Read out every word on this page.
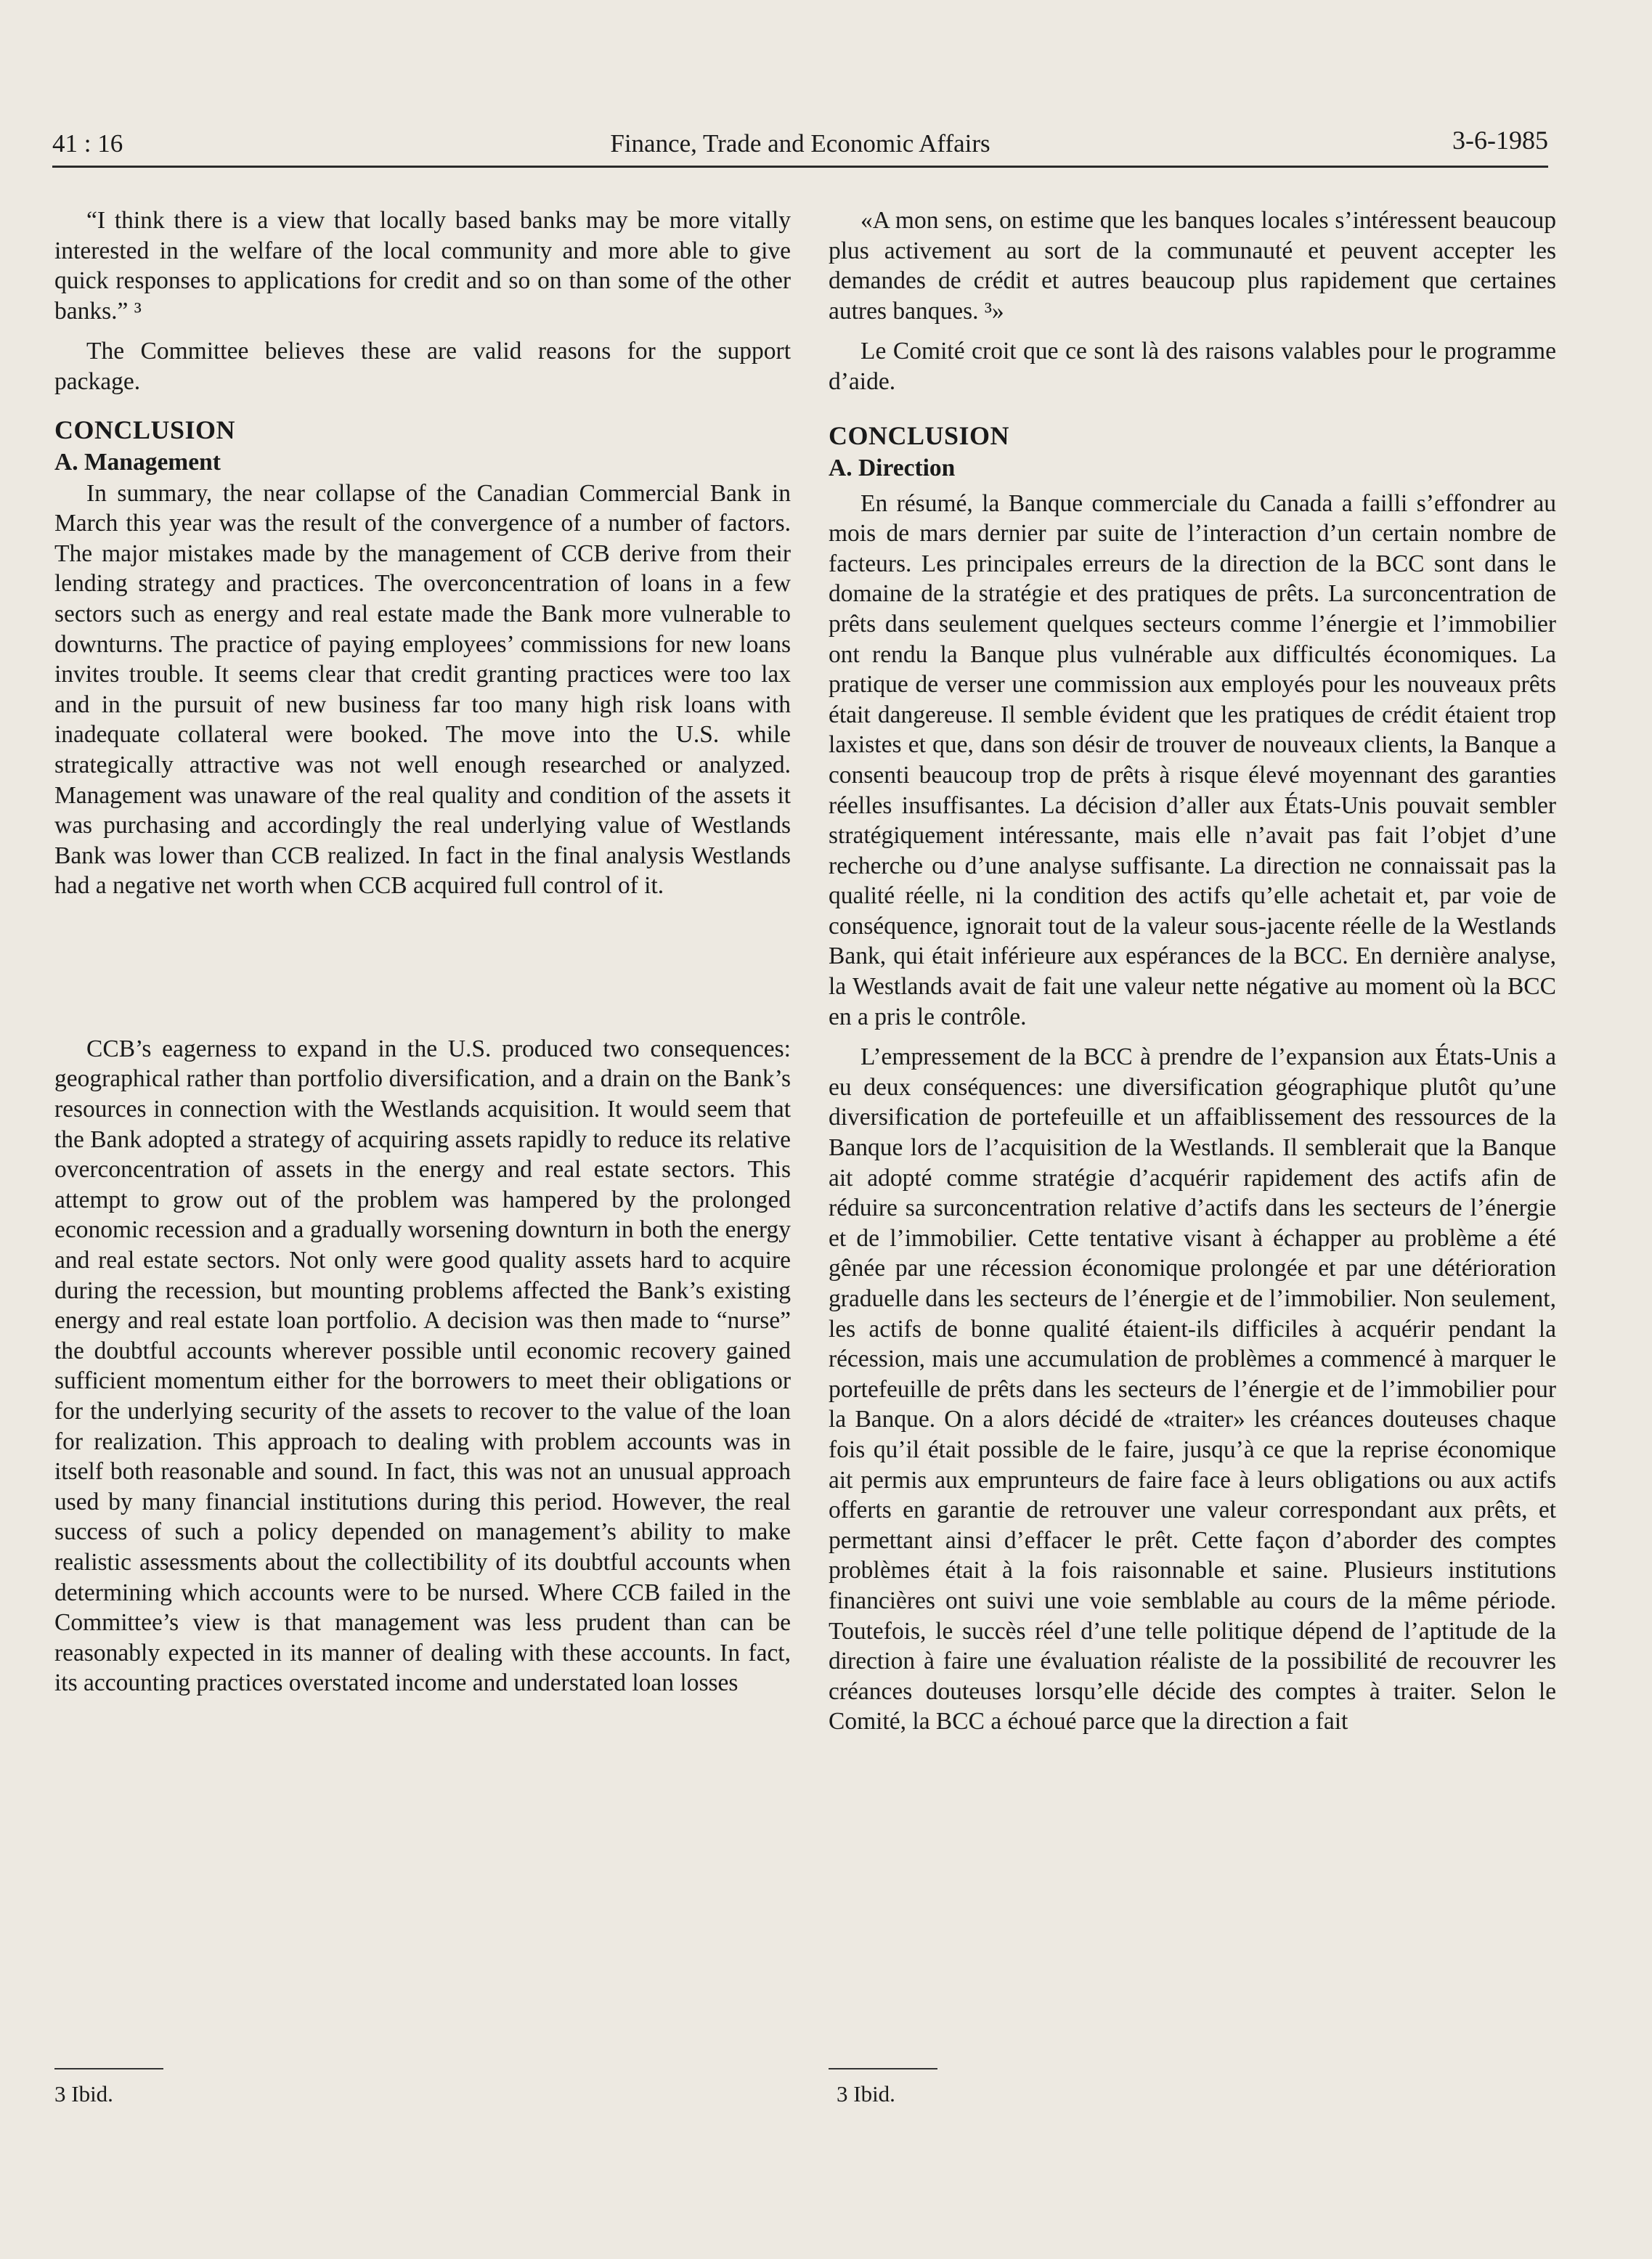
41 : 16	Finance, Trade and Economic Affairs	3-6-1985

“I think there is a view that locally based banks may be more vitally interested in the welfare of the local community and more able to give quick responses to applications for credit and so on than some of the other banks.” ³

The Committee believes these are valid reasons for the support package.

CONCLUSION
A. Management

In summary, the near collapse of the Canadian Commercial Bank in March this year was the result of the convergence of a number of factors. The major mistakes made by the management of CCB derive from their lending strategy and practices. The overconcentration of loans in a few sectors such as energy and real estate made the Bank more vulnerable to downturns. The practice of paying employees’ commissions for new loans invites trouble. It seems clear that credit granting practices were too lax and in the pursuit of new business far too many high risk loans with inadequate collateral were booked. The move into the U.S. while strategically attractive was not well enough researched or analyzed. Management was unaware of the real quality and condition of the assets it was purchasing and accordingly the real underlying value of Westlands Bank was lower than CCB realized. In fact in the final analysis Westlands had a negative net worth when CCB acquired full control of it.

CCB’s eagerness to expand in the U.S. produced two consequences: geographical rather than portfolio diversification, and a drain on the Bank’s resources in connection with the Westlands acquisition. It would seem that the Bank adopted a strategy of acquiring assets rapidly to reduce its relative overconcentration of assets in the energy and real estate sectors. This attempt to grow out of the problem was hampered by the prolonged economic recession and a gradually worsening downturn in both the energy and real estate sectors. Not only were good quality assets hard to acquire during the recession, but mounting problems affected the Bank’s existing energy and real estate loan portfolio. A decision was then made to “nurse” the doubtful accounts wherever possible until economic recovery gained sufficient momentum either for the borrowers to meet their obligations or for the underlying security of the assets to recover to the value of the loan for realization. This approach to dealing with problem accounts was in itself both reasonable and sound. In fact, this was not an unusual approach used by many financial institutions during this period. However, the real success of such a policy depended on management’s ability to make realistic assessments about the collectibility of its doubtful accounts when determining which accounts were to be nursed. Where CCB failed in the Committee’s view is that management was less prudent than can be reasonably expected in its manner of dealing with these accounts. In fact, its accounting practices overstated income and understated loan losses

«A mon sens, on estime que les banques locales s’intéressent beaucoup plus activement au sort de la communauté et peuvent accepter les demandes de crédit et autres beaucoup plus rapidement que certaines autres banques. ³»

Le Comité croit que ce sont là des raisons valables pour le programme d’aide.

CONCLUSION
A. Direction

En résumé, la Banque commerciale du Canada a failli s’effondrer au mois de mars dernier par suite de l’interaction d’un certain nombre de facteurs. Les principales erreurs de la direction de la BCC sont dans le domaine de la stratégie et des pratiques de prêts. La surconcentration de prêts dans seulement quelques secteurs comme l’énergie et l’immobilier ont rendu la Banque plus vulnérable aux difficultés économiques. La pratique de verser une commission aux employés pour les nouveaux prêts était dangereuse. Il semble évident que les pratiques de crédit étaient trop laxistes et que, dans son désir de trouver de nouveaux clients, la Banque a consenti beaucoup trop de prêts à risque élevé moyennant des garanties réelles insuffisantes. La décision d’aller aux États-Unis pouvait sembler stratégiquement intéressante, mais elle n’avait pas fait l’objet d’une recherche ou d’une analyse suffisante. La direction ne connaissait pas la qualité réelle, ni la condition des actifs qu’elle achetait et, par voie de conséquence, ignorait tout de la valeur sous-jacente réelle de la Westlands Bank, qui était inférieure aux espérances de la BCC. En dernière analyse, la Westlands avait de fait une valeur nette négative au moment où la BCC en a pris le contrôle.

L’empressement de la BCC à prendre de l’expansion aux États-Unis a eu deux conséquences: une diversification géographique plutôt qu’une diversification de portefeuille et un affaiblissement des ressources de la Banque lors de l’acquisition de la Westlands. Il semblerait que la Banque ait adopté comme stratégie d’acquérir rapidement des actifs afin de réduire sa surconcentration relative d’actifs dans les secteurs de l’énergie et de l’immobilier. Cette tentative visant à échapper au problème a été gênée par une récession économique prolongée et par une détérioration graduelle dans les secteurs de l’énergie et de l’immobilier. Non seulement, les actifs de bonne qualité étaient-ils difficiles à acquérir pendant la récession, mais une accumulation de problèmes a commencé à marquer le portefeuille de prêts dans les secteurs de l’énergie et de l’immobilier pour la Banque. On a alors décidé de «traiter» les créances douteuses chaque fois qu’il était possible de le faire, jusqu’à ce que la reprise économique ait permis aux emprunteurs de faire face à leurs obligations ou aux actifs offerts en garantie de retrouver une valeur correspondant aux prêts, et permettant ainsi d’effacer le prêt. Cette façon d’aborder des comptes problèmes était à la fois raisonnable et saine. Plusieurs institutions financières ont suivi une voie semblable au cours de la même période. Toutefois, le succès réel d’une telle politique dépend de l’aptitude de la direction à faire une évaluation réaliste de la possibilité de recouvrer les créances douteuses lorsqu’elle décide des comptes à traiter. Selon le Comité, la BCC a échoué parce que la direction a fait

3 Ibid.	3 Ibid.
